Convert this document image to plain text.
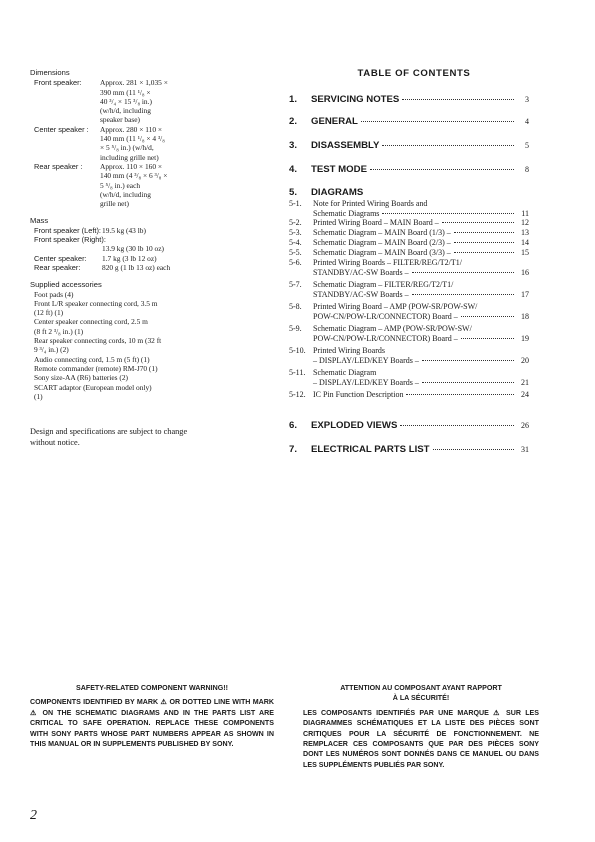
Dimensions
Front speaker:	Approx. 281 × 1,035 ×
390 mm (11 ¹/₈ ×
40 ³/₄ × 15 ³/₈ in.)
(w/h/d, including
speaker base)
Center speaker :	Approx. 280 × 110 ×
140 mm (11 ¹/₈ × 4 ³/₈
× 5 ⁵/₈ in.) (w/h/d,
including grille net)
Rear speaker :	Approx. 110 × 160 ×
140 mm (4 ³/₈ × 6 ³/₈ ×
5 ⁵/₈ in.) each
(w/h/d, including
grille net)
Mass
Front speaker (Left): 19.5 kg (43 lb)
Front speaker (Right):
13.9 kg (30 lb 10 oz)
Center speaker:	1.7 kg (3 lb 12 oz)
Rear speaker:	820 g (1 lb 13 oz) each
Supplied accessories
Foot pads (4)
Front L/R speaker connecting cord, 3.5 m
(12 ft) (1)
Center speaker connecting cord, 2.5 m
(8 ft 2 ³/₈ in.) (1)
Rear speaker connecting cords, 10 m (32 ft
9 ³/₄ in.) (2)
Audio connecting cord, 1.5 m (5 ft) (1)
Remote commander (remote) RM-J70 (1)
Sony size-AA (R6) batteries (2)
SCART adaptor (European model only)
(1)
Design and specifications are subject to change without notice.
TABLE OF CONTENTS
1.	SERVICING NOTES	3
2.	GENERAL	4
3.	DISASSEMBLY	5
4.	TEST MODE	8
5.	DIAGRAMS
5-1.	Note for Printed Wiring Boards and
Schematic Diagrams	11
5-2.	Printed Wiring Board – MAIN Board –	12
5-3.	Schematic Diagram – MAIN Board (1/3) –	13
5-4.	Schematic Diagram – MAIN Board (2/3) –	14
5-5.	Schematic Diagram – MAIN Board (3/3) –	15
5-6.	Printed Wiring Boards – FILTER/REG/T2/T1/
STANDBY/AC-SW Boards –	16
5-7.	Schematic Diagram – FILTER/REG/T2/T1/
STANDBY/AC-SW Boards –	17
5-8.	Printed Wiring Board – AMP (POW-SR/POW-SW/
POW-CN/POW-LR/CONNECTOR) Board –	18
5-9.	Schematic Diagram – AMP (POW-SR/POW-SW/
POW-CN/POW-LR/CONNECTOR) Board –	19
5-10. Printed Wiring Boards
– DISPLAY/LED/KEY Boards –	20
5-11. Schematic Diagram
– DISPLAY/LED/KEY Boards –	21
5-12. IC Pin Function Description	24
6.	EXPLODED VIEWS	26
7.	ELECTRICAL PARTS LIST	31
SAFETY-RELATED COMPONENT WARNING!!
COMPONENTS IDENTIFIED BY MARK ⚠ OR DOTTED LINE WITH MARK ⚠ ON THE SCHEMATIC DIAGRAMS AND IN THE PARTS LIST ARE CRITICAL TO SAFE OPERATION. REPLACE THESE COMPONENTS WITH SONY PARTS WHOSE PART NUMBERS APPEAR AS SHOWN IN THIS MANUAL OR IN SUPPLEMENTS PUBLISHED BY SONY.
ATTENTION AU COMPOSANT AYANT RAPPORT
À LA SÉCURITÉ!
LES COMPOSANTS IDENTIFIÉS PAR UNE MARQUE ⚠ SUR LES DIAGRAMMES SCHÉMATIQUES ET LA LISTE DES PIÈCES SONT CRITIQUES POUR LA SÉCURITÉ DE FONCTIONNEMENT. NE REMPLACER CES COMPOSANTS QUE PAR DES PIÈCES SONY DONT LES NUMÉROS SONT DONNÉS DANS CE MANUEL OU DANS LES SUPPLÉMENTS PUBLIÉS PAR SONY.
2
